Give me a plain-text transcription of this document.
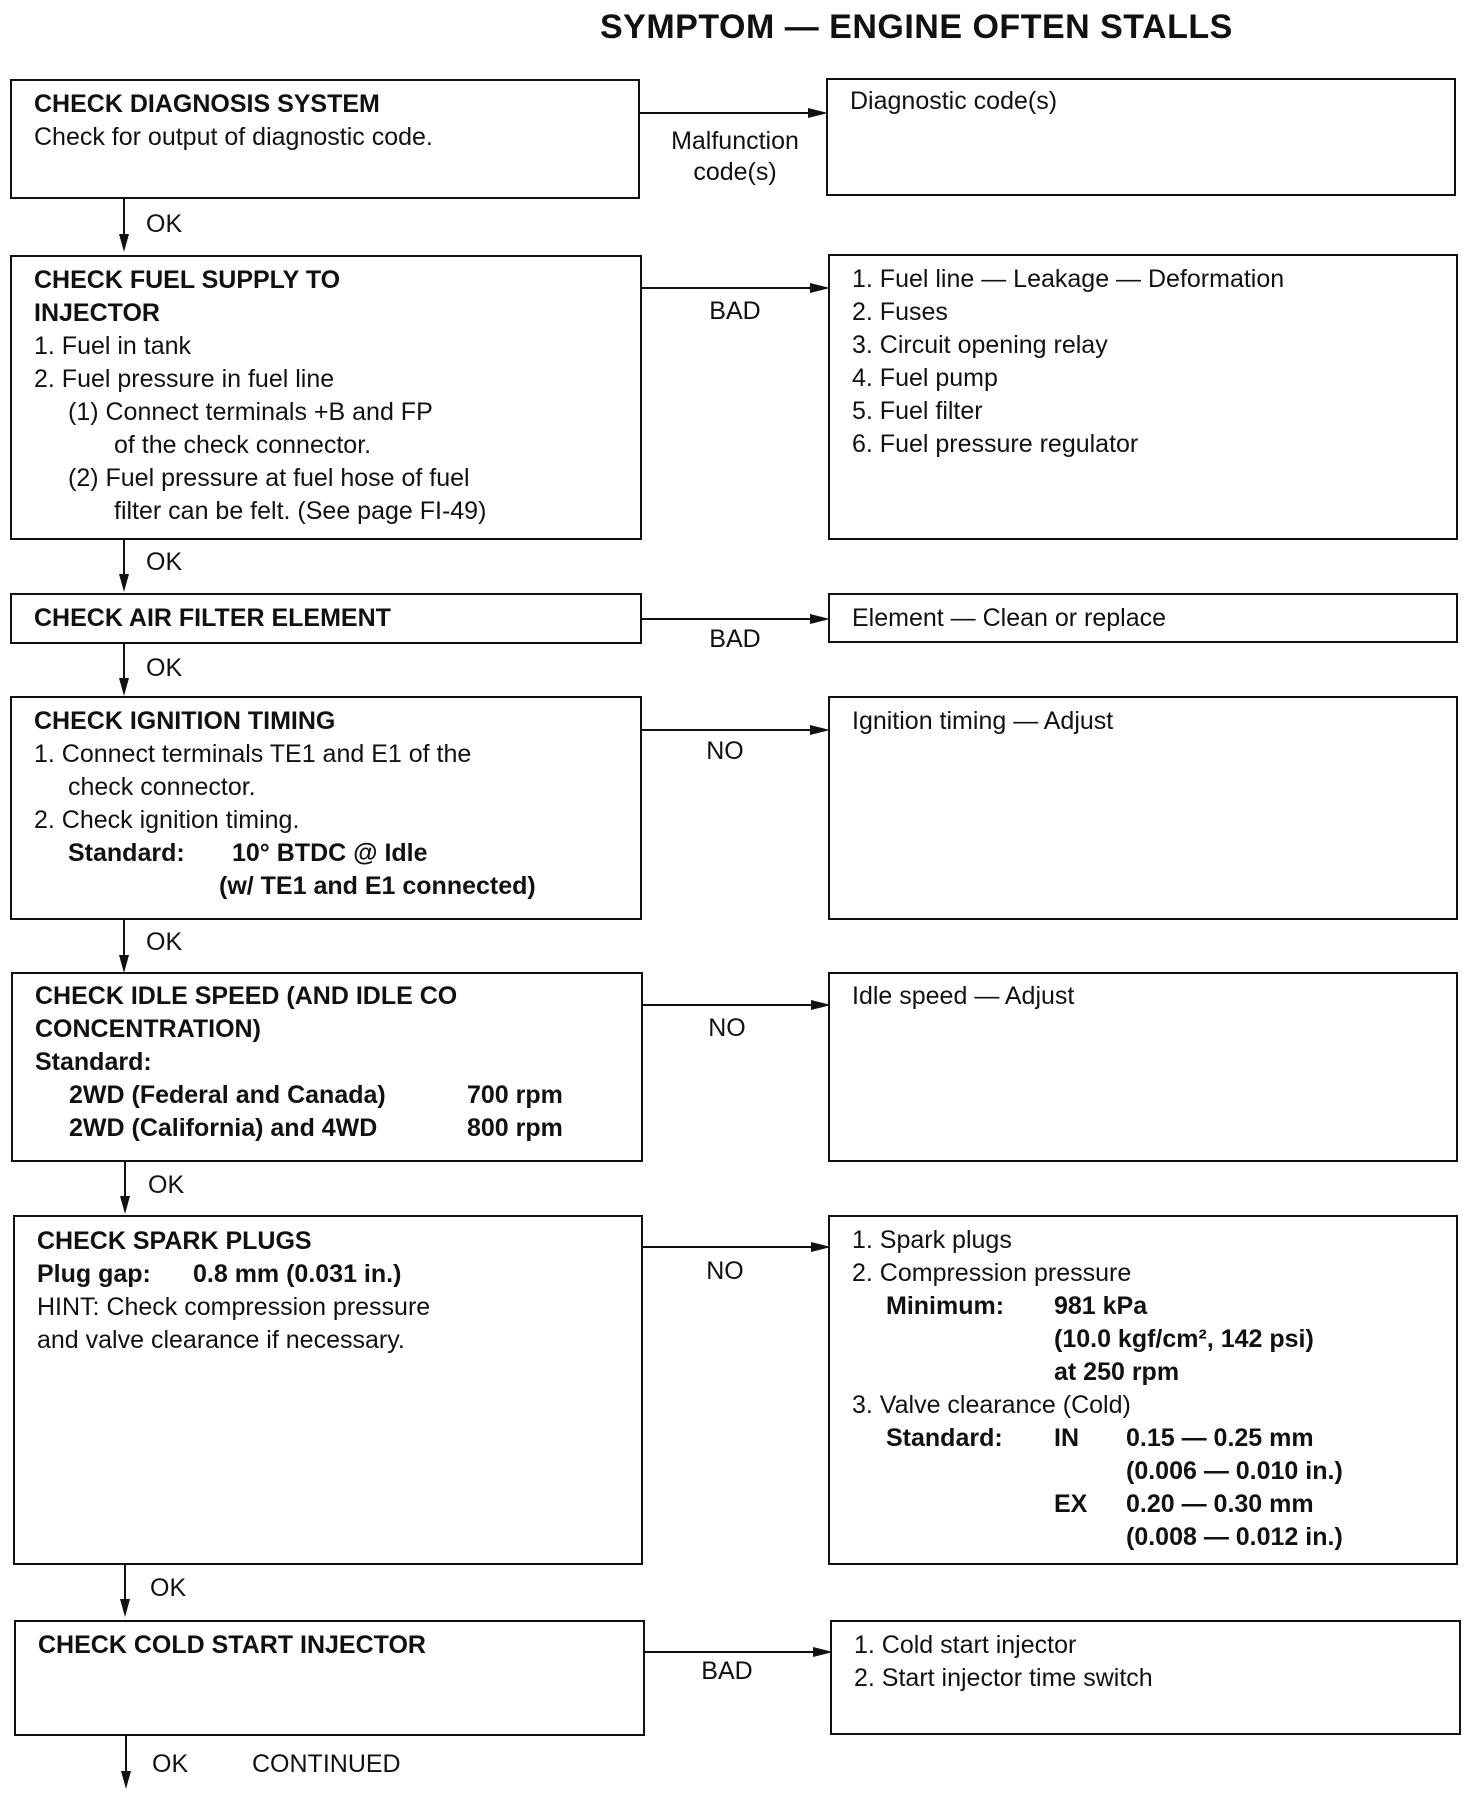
SYMPTOM — ENGINE OFTEN STALLS
CHECK DIAGNOSIS SYSTEM
Check for output of diagnostic code.	Malfunction
code(s)
Diagnostic code(s)
OK
CHECK FUEL SUPPLY TO
INJECTOR
1. Fuel in tank
2. Fuel pressure in fuel line
(1) Connect terminals +B and FP
of the check connector.
(2) Fuel pressure at fuel hose of fuel
filter can be felt. (See page FI-49)
BAD
1. Fuel line — Leakage — Deformation
2. Fuses
3. Circuit opening relay
4. Fuel pump
5. Fuel filter
6. Fuel pressure regulator
OK
CHECK AIR FILTER ELEMENT
BAD
Element — Clean or replace
OK
CHECK IGNITION TIMING
1. Connect terminals TE1 and E1 of the
check connector.
2. Check ignition timing.
Standard: 10° BTDC @ Idle
(w/ TE1 and E1 connected)
NO
Ignition timing — Adjust
OK
CHECK IDLE SPEED (AND IDLE CO
CONCENTRATION)
Standard:
2WD (Federal and Canada)	700 rpm
2WD (California) and 4WD	800 rpm
NO
Idle speed — Adjust
OK
CHECK SPARK PLUGS
Plug gap: 0.8 mm (0.031 in.)
HINT: Check compression pressure
and valve clearance if necessary.
NO
1. Spark plugs
2. Compression pressure
Minimum: 981 kPa
(10.0 kgf/cm², 142 psi)
at 250 rpm
3. Valve clearance (Cold)
Standard: IN 0.15 — 0.25 mm
(0.006 — 0.010 in.)
EX 0.20 — 0.30 mm
(0.008 — 0.012 in.)
OK
CHECK COLD START INJECTOR
BAD
1. Cold start injector
2. Start injector time switch
OK	CONTINUED
